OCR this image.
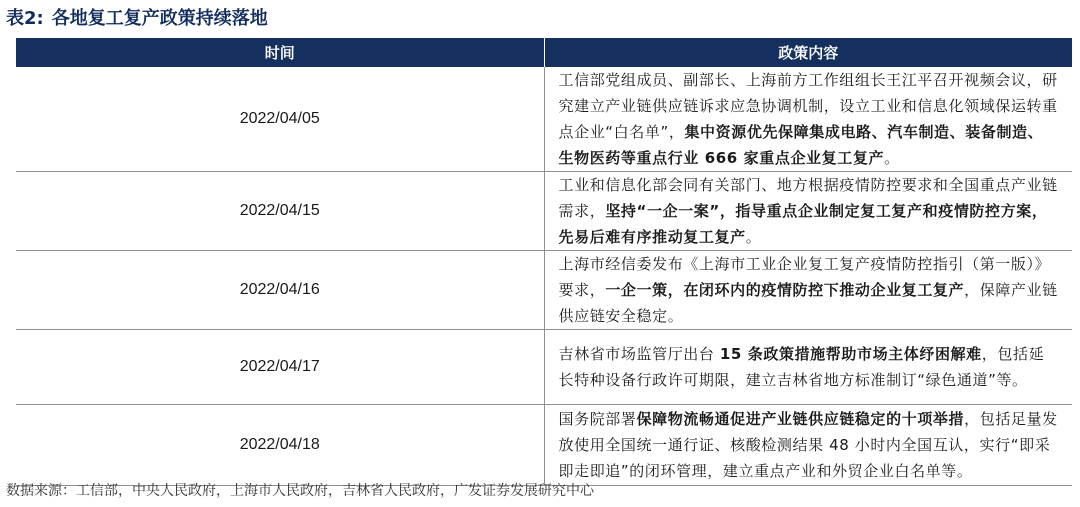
表2: 各地复工复产政策持续落地
时间	政策内容
2022/04/05	工信部党组成员、副部长、上海前方工作组组长王江平召开视频会议，研究建立产业链供应链诉求应急协调机制，设立工业和信息化领域保运转重点企业“白名单”，集中资源优先保障集成电路、汽车制造、装备制造、生物医药等重点行业 666 家重点企业复工复产。
2022/04/15	工业和信息化部会同有关部门、地方根据疫情防控要求和全国重点产业链需求，坚持“一企一案”，指导重点企业制定复工复产和疫情防控方案，先易后难有序推动复工复产。
2022/04/16	上海市经信委发布《上海市工业企业复工复产疫情防控指引（第一版）》要求，一企一策，在闭环内的疫情防控下推动企业复工复产，保障产业链供应链安全稳定。
2022/04/17	吉林省市场监管厅出台 15 条政策措施帮助市场主体纾困解难，包括延长特种设备行政许可期限，建立吉林省地方标准制订“绿色通道”等。
2022/04/18	国务院部署保障物流畅通促进产业链供应链稳定的十项举措，包括足量发放使用全国统一通行证、核酸检测结果 48 小时内全国互认，实行“即采即走即追”的闭环管理，建立重点产业和外贸企业白名单等。
数据来源：工信部，中央人民政府，上海市人民政府，吉林省人民政府，广发证券发展研究中心
